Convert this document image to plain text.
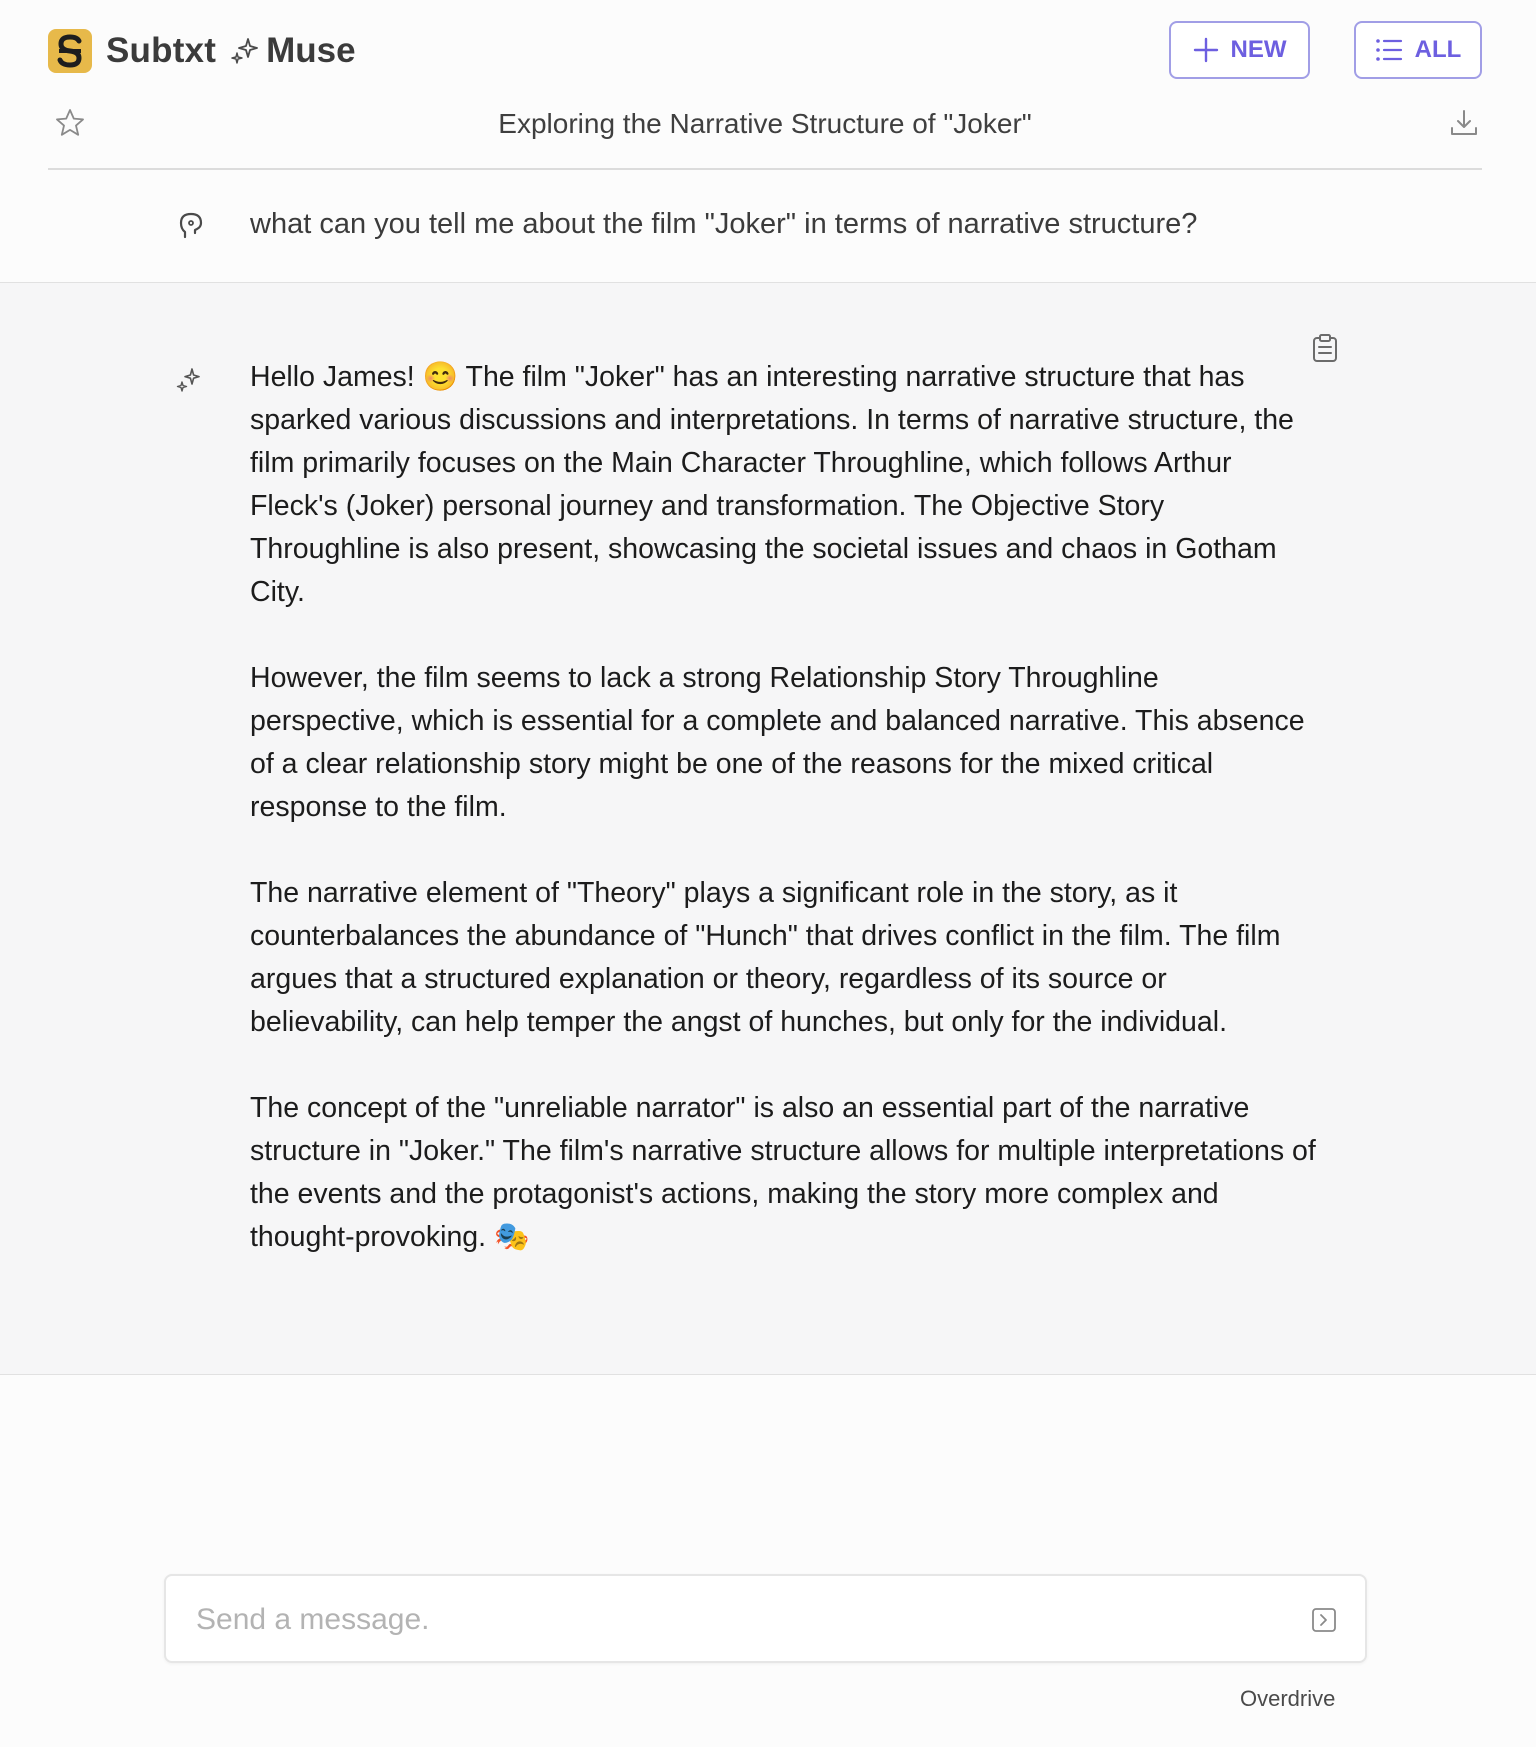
Subtxt Muse	NEW	ALL
Exploring the Narrative Structure of "Joker"
what can you tell me about the film "Joker" in terms of narrative structure?

Hello James! 😊 The film "Joker" has an interesting narrative structure that has sparked various discussions and interpretations. In terms of narrative structure, the film primarily focuses on the Main Character Throughline, which follows Arthur Fleck's (Joker) personal journey and transformation. The Objective Story Throughline is also present, showcasing the societal issues and chaos in Gotham City.

However, the film seems to lack a strong Relationship Story Throughline perspective, which is essential for a complete and balanced narrative. This absence of a clear relationship story might be one of the reasons for the mixed critical response to the film.

The narrative element of "Theory" plays a significant role in the story, as it counterbalances the abundance of "Hunch" that drives conflict in the film. The film argues that a structured explanation or theory, regardless of its source or believability, can help temper the angst of hunches, but only for the individual.

The concept of the "unreliable narrator" is also an essential part of the narrative structure in "Joker." The film's narrative structure allows for multiple interpretations of the events and the protagonist's actions, making the story more complex and thought-provoking. 🎭

Send a message.
Overdrive
